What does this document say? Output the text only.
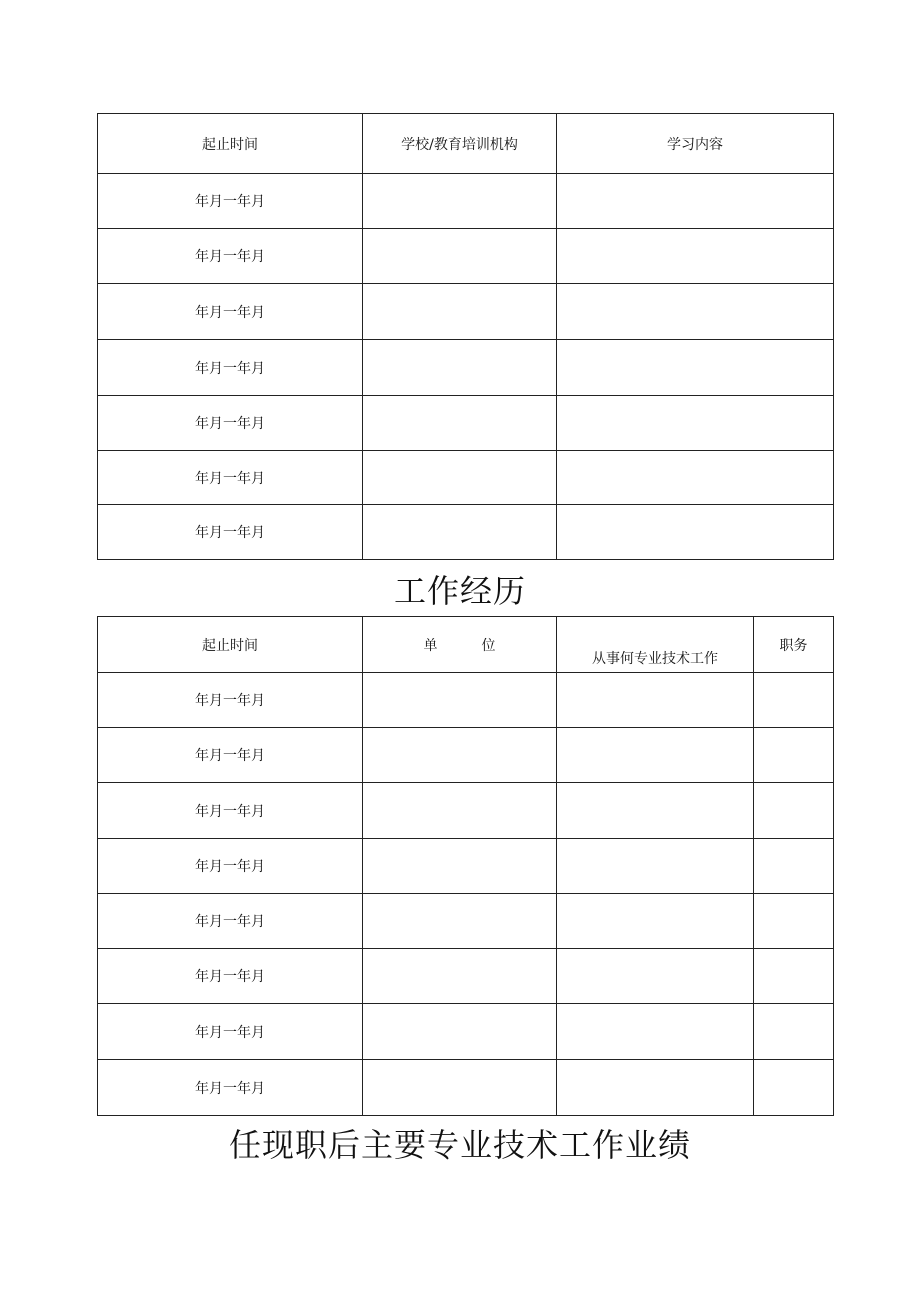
起止时间	学校/教育培训机构	学习内容
年月一年月		
年月一年月		
年月一年月		
年月一年月		
年月一年月		
年月一年月		
年月一年月		
工作经历
起止时间	单 位	从事何专业技术工作	职务
年月一年月			
年月一年月			
年月一年月			
年月一年月			
年月一年月			
年月一年月			
年月一年月			
年月一年月			
任现职后主要专业技术工作业绩
